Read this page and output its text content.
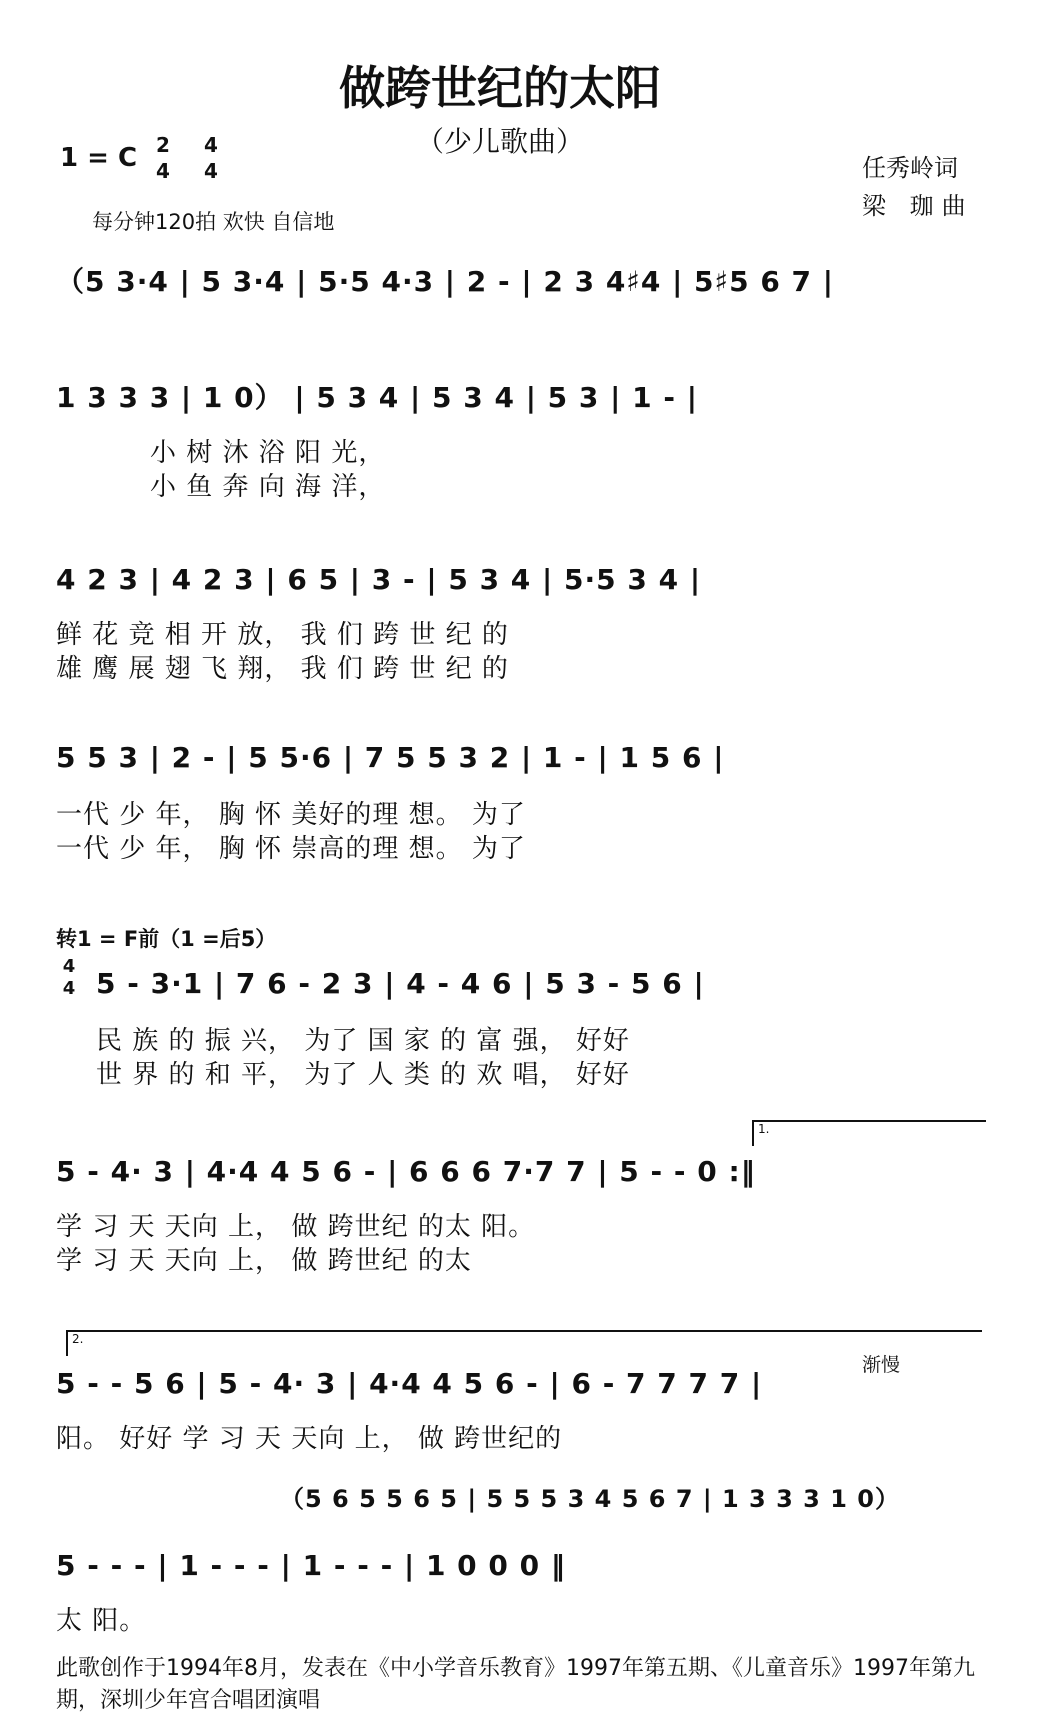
做跨世纪的太阳
（少儿歌曲）
1 = C 2
4
4
4	任秀岭词
梁 珈曲
每分钟120拍 欢快 自信地
（5 3·4 | 5 3·4 | 5·5 4·3 | 2 - | 2 3 4♯4 | 5♯5 6 7 |
1 3 3 3 | 1 0） | 5 3 4 | 5 3 4 | 5 3 | 1 - |
小 树 沐 浴 阳 光，
小 鱼 奔 向 海 洋，
4 2 3 | 4 2 3 | 6 5 | 3 - | 5 3 4 | 5·5 3 4 |
鲜 花 竞 相 开 放， 我 们 跨 世 纪 的
雄 鹰 展 翅 飞 翔， 我 们 跨 世 纪 的
5 5 3 | 2 - | 5 5·6 | 7 5 5 3 2 | 1 - | 1 5 6 |
一代 少 年， 胸 怀 美好的理 想。 为了
一代 少 年， 胸 怀 崇高的理 想。 为了
转1 = F前（1 =后5）
4
4 5 - 3·1 | 7 6 - 2 3 | 4 - 4 6 | 5 3 - 5 6 |
民 族 的 振 兴， 为了 国 家 的 富 强， 好好
世 界 的 和 平， 为了 人 类 的 欢 唱， 好好
1.
5 - 4· 3 | 4·4 4 5 6 - | 6 6 6 7·7 7 | 5 - - 0 :‖
学 习 天 天向 上， 做 跨世纪 的太 阳。
学 习 天 天向 上， 做 跨世纪 的太
2.
渐慢
5 - - 5 6 | 5 - 4· 3 | 4·4 4 5 6 - | 6 - 7 7 7 7 |
阳。 好好 学 习 天 天向 上， 做 跨世纪的
（5 6 5 5 6 5 | 5 5 5 3 4 5 6 7 | 1 3 3 3 1 0）
5 - - - | 1 - - - | 1 - - - | 1 0 0 0 ‖
太 阳。
此歌创作于1994年8月，发表在《中小学音乐教育》1997年第五期、《儿童音乐》1997年第九期，深圳少年宫合唱团演唱
